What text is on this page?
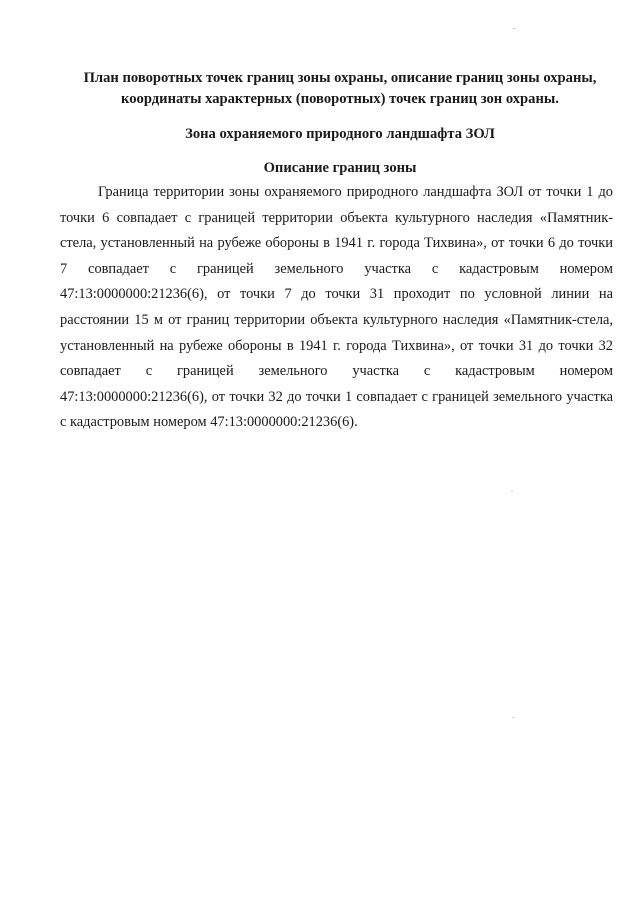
План поворотных точек границ зоны охраны, описание границ зоны охраны,
координаты характерных (поворотных) точек границ зон охраны.
Зона охраняемого природного ландшафта ЗОЛ
Описание границ зоны

Граница территории зоны охраняемого природного ландшафта ЗОЛ от точки 1 до точки 6 совпадает с границей территории объекта культурного наследия «Памятник-стела, установленный на рубеже обороны в 1941 г. города Тихвина», от точки 6 до точки 7 совпадает с границей земельного участка с кадастровым номером 47:13:0000000:21236(6), от точки 7 до точки 31 проходит по условной линии на расстоянии 15 м от границ территории объекта культурного наследия «Памятник-стела, установленный на рубеже обороны в 1941 г. города Тихвина», от точки 31 до точки 32 совпадает с границей земельного участка с кадастровым номером 47:13:0000000:21236(6), от точки 32 до точки 1 совпадает с границей земельного участка с кадастровым номером 47:13:0000000:21236(6).
